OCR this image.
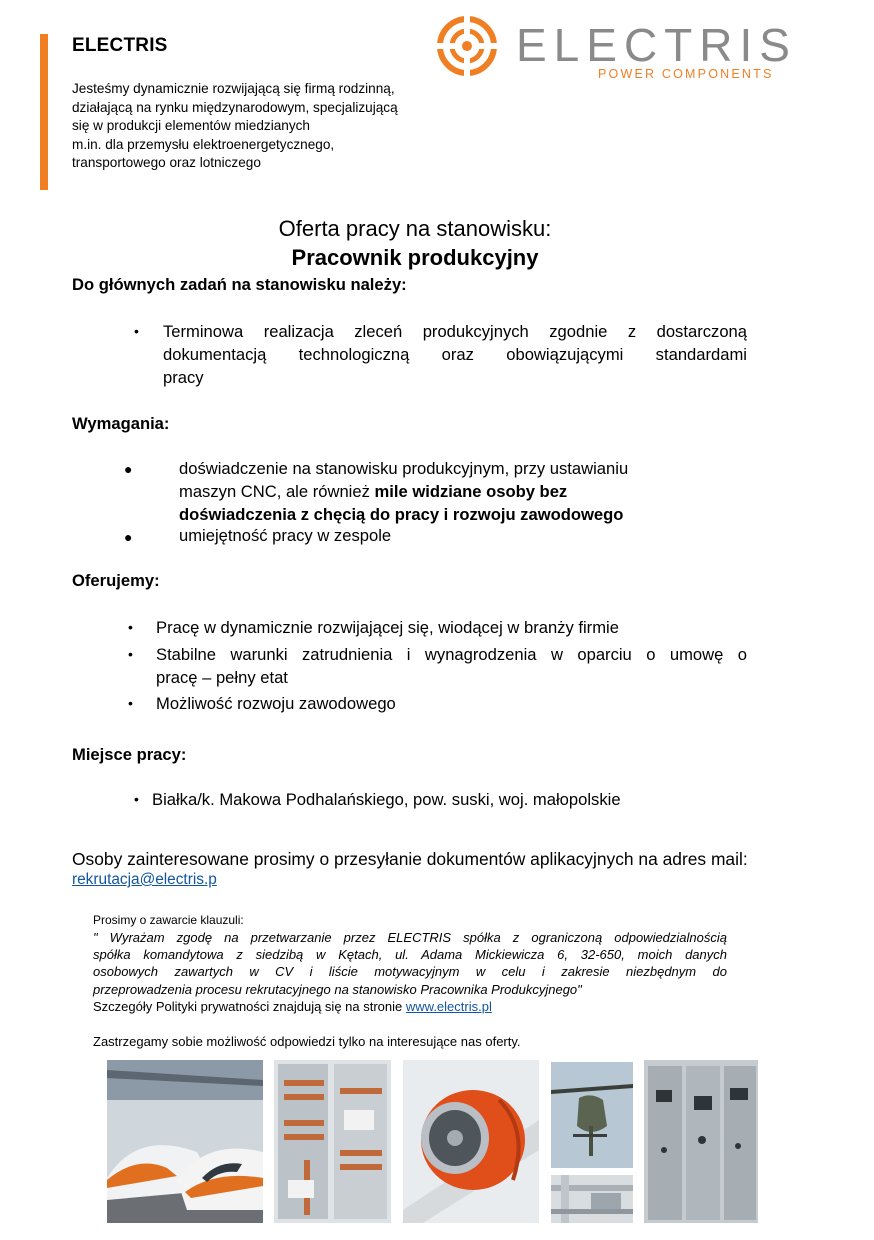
ELECTRIS
Jesteśmy dynamicznie rozwijającą się firmą rodzinną,
działającą na rynku międzynarodowym, specjalizującą
się w produkcji elementów miedzianych
m.in. dla przemysłu elektroenergetycznego,
transportowego oraz lotniczego
ELECTRIS
POWER COMPONENTS
Oferta pracy na stanowisku:
Pracownik produkcyjny
Do głównych zadań na stanowisku należy:
• Terminowa realizacja zleceń produkcyjnych zgodnie z dostarczoną
dokumentacją technologiczną oraz obowiązującymi standardami
pracy
Wymagania:
●	doświadczenie na stanowisku produkcyjnym, przy ustawianiu
maszyn CNC, ale również mile widziane osoby bez
doświadczenia z chęcią do pracy i rozwoju zawodowego
●	umiejętność pracy w zespole
Oferujemy:
• Pracę w dynamicznie rozwijającej się, wiodącej w branży firmie
• Stabilne warunki zatrudnienia i wynagrodzenia w oparciu o umowę o
pracę – pełny etat
• Możliwość rozwoju zawodowego
Miejsce pracy:
• Białka/k. Makowa Podhalańskiego, pow. suski, woj. małopolskie
Osoby zainteresowane prosimy o przesyłanie dokumentów aplikacyjnych na adres mail:
rekrutacja@electris.p
Prosimy o zawarcie klauzuli:
" Wyrażam zgodę na przetwarzanie przez ELECTRIS spółka z ograniczoną odpowiedzialnością
spółka komandytowa z siedzibą w Kętach, ul. Adama Mickiewicza 6, 32-650, moich danych
osobowych zawartych w CV i liście motywacyjnym w celu i zakresie niezbędnym do
przeprowadzenia procesu rekrutacyjnego na stanowisko Pracownika Produkcyjnego"
Szczegóły Polityki prywatności znajdują się na stronie www.electris.pl
Zastrzegamy sobie możliwość odpowiedzi tylko na interesujące nas oferty.
